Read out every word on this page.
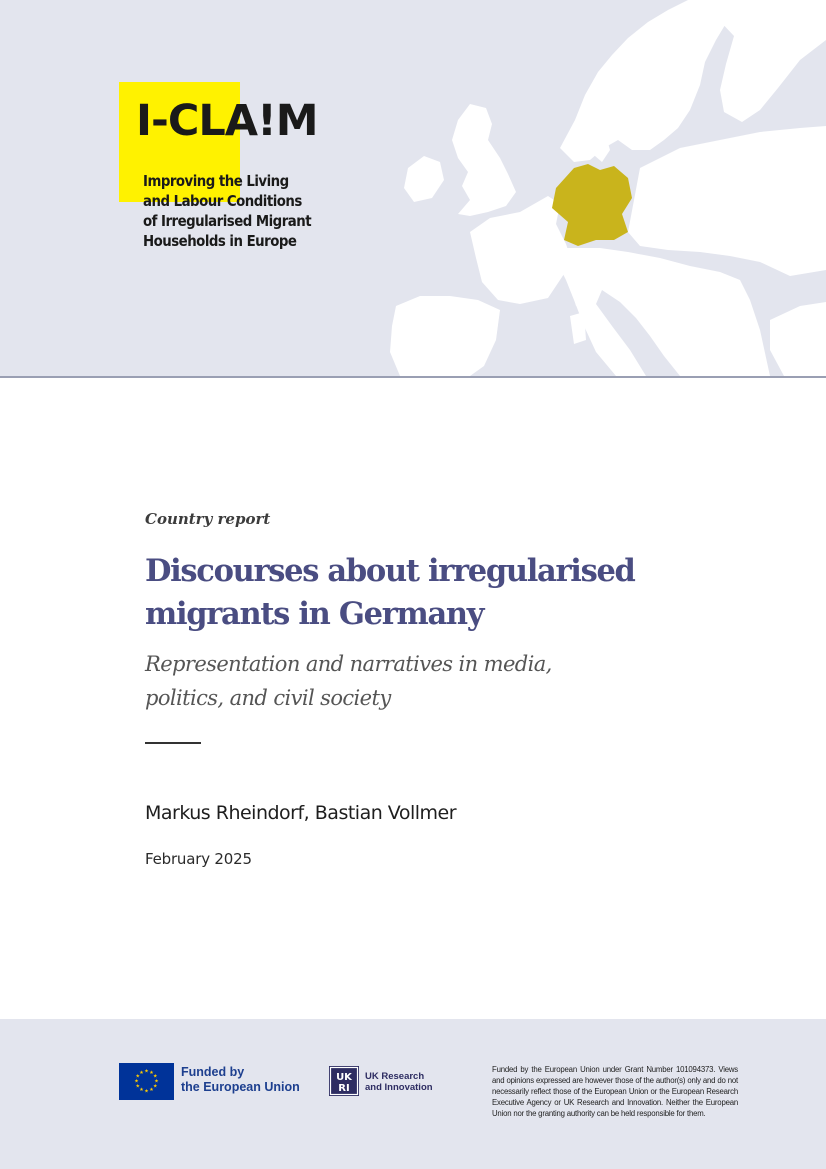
I-CLA!M
Improving the Living
and Labour Conditions
of Irregularised Migrant
Households in Europe
Country report
Discourses about irregularised
migrants in Germany
Representation and narratives in media,
politics, and civil society
Markus Rheindorf, Bastian Vollmer
February 2025
★ ★
★
★
★
★
★
★
★
★
★
★	Funded by
the European Union
UK
RI
UK Research
and Innovation
Funded by the European Union under Grant Number 101094373. Views and opinions expressed are however those of the author(s) only and do not necessarily reflect those of the European Union or the European Research Executive Agency or UK Research and Innovation. Neither the European Union nor the granting authority can be held responsible for them.
